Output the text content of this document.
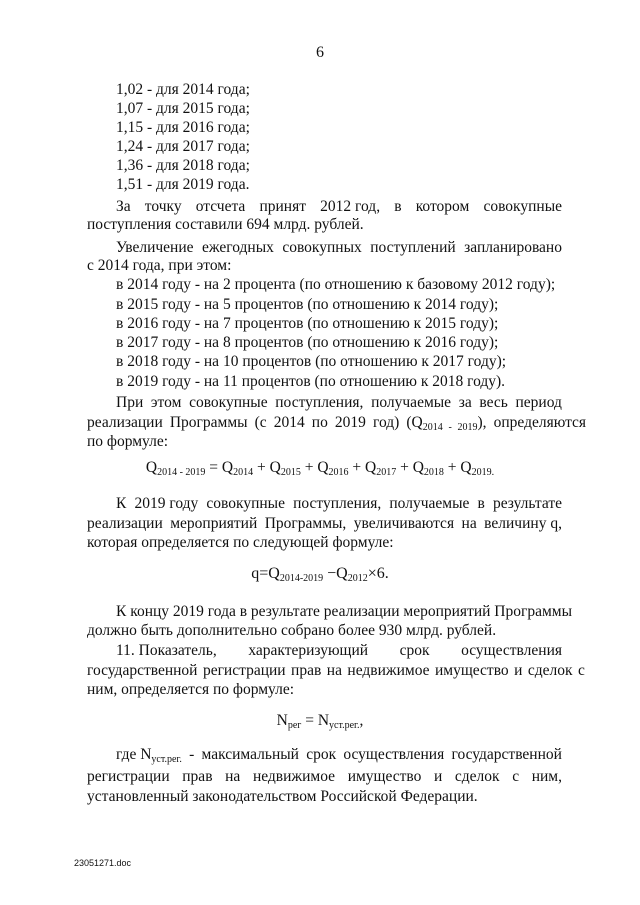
6
1,02 - для 2014 года;
1,07 - для 2015 года;
1,15 - для 2016 года;
1,24 - для 2017 года;
1,36 - для 2018 года;
1,51 - для 2019 года.
За точку отсчета принят 2012 год, в котором совокупные
поступления составили 694 млрд. рублей.
Увеличение ежегодных совокупных поступлений запланировано
с 2014 года, при этом:
в 2014 году - на 2 процента (по отношению к базовому 2012 году);
в 2015 году - на 5 процентов (по отношению к 2014 году);
в 2016 году - на 7 процентов (по отношению к 2015 году);
в 2017 году - на 8 процентов (по отношению к 2016 году);
в 2018 году - на 10 процентов (по отношению к 2017 году);
в 2019 году - на 11 процентов (по отношению к 2018 году).
При этом совокупные поступления, получаемые за весь период
реализации Программы (с 2014 по 2019 год) $(Q_{2014 - 2019})$, определяются
по формуле:
$Q_{2014 - 2019} = Q_{2014} + Q_{2015} + Q_{2016} + Q_{2017} + Q_{2018} + Q_{2019.}$
К 2019 году совокупные поступления, получаемые в результате
реализации мероприятий Программы, увеличиваются на величину q,
которая определяется по следующей формуле:
$q=Q_{2014-2019} -Q_{2012}\times 6$.
К концу 2019 года в результате реализации мероприятий Программы
должно быть дополнительно собрано более 930 млрд. рублей.
11. Показатель, характеризующий срок осуществления
государственной регистрации прав на недвижимое имущество и сделок с
ним, определяется по формуле:
$N_{рег} = N_{уст.рег.}$,
где $N_{уст.рег.}$ - максимальный срок осуществления государственной
регистрации прав на недвижимое имущество и сделок с ним,
установленный законодательством Российской Федерации.
23051271.doc
